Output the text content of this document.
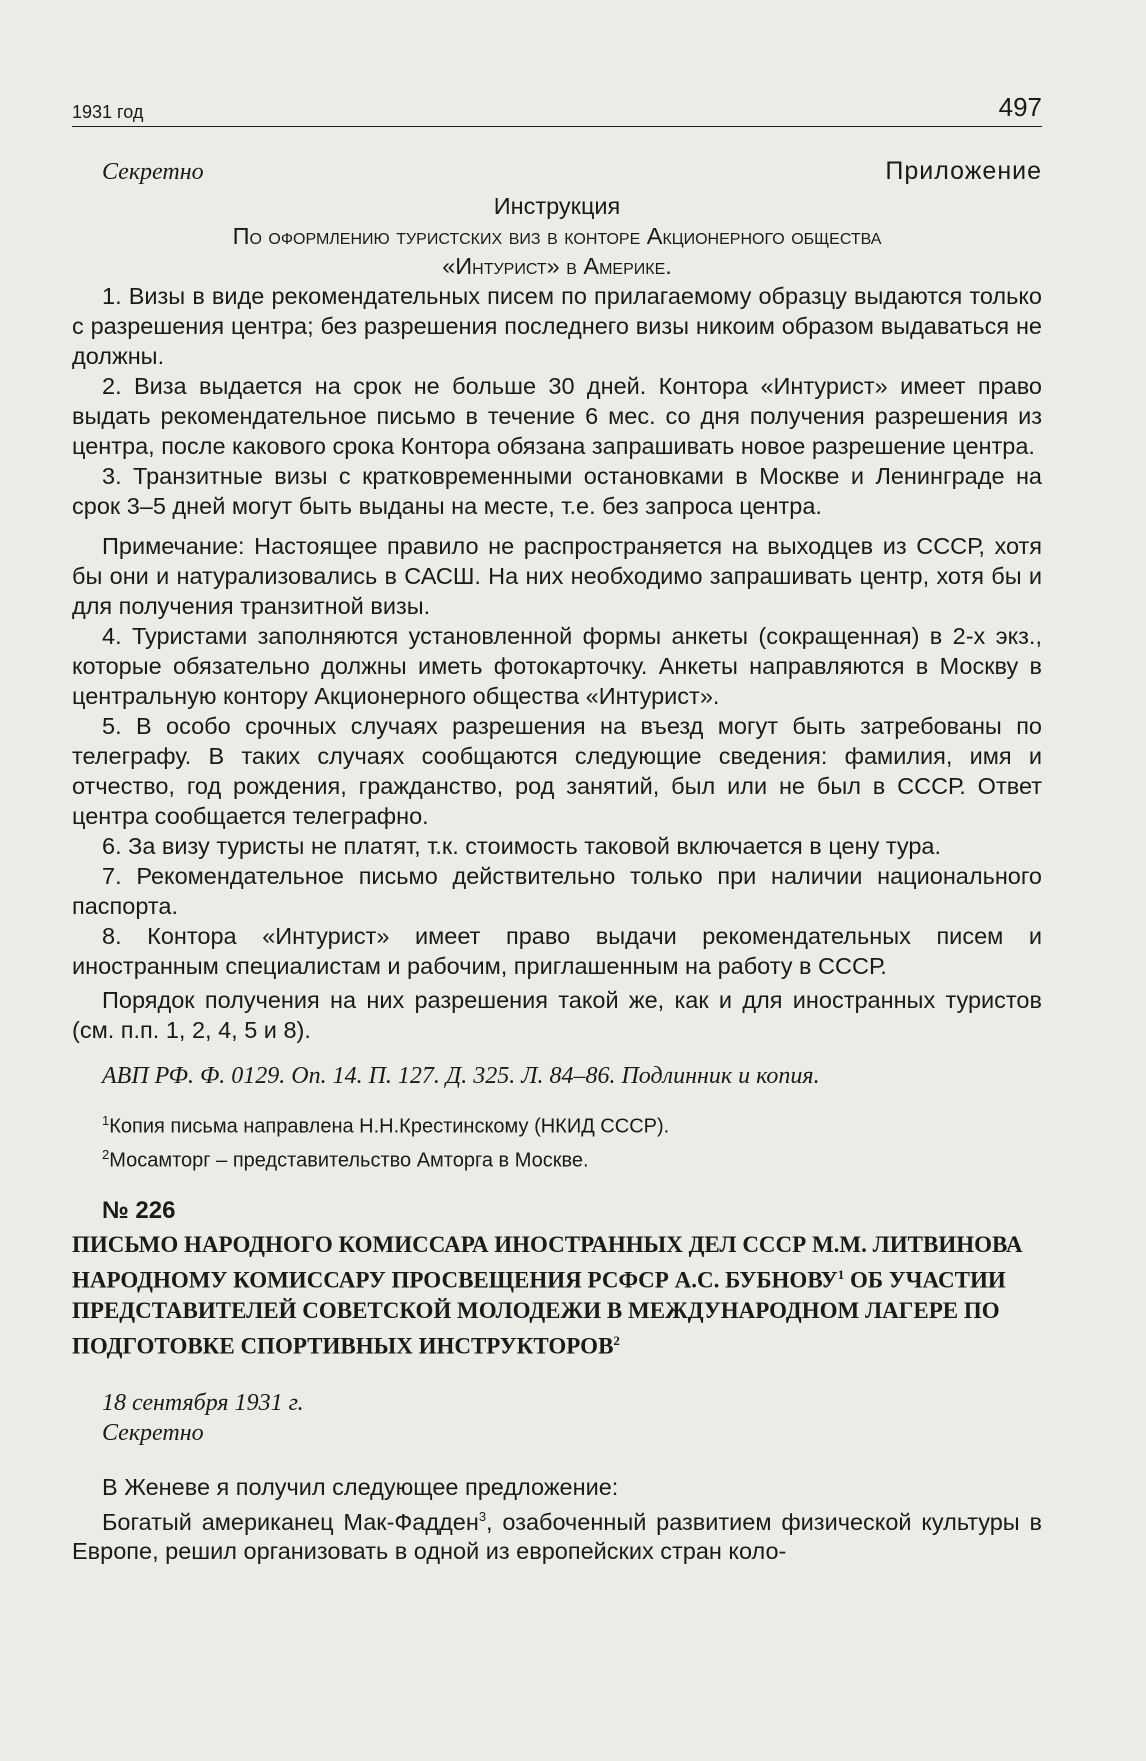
1931 год	497
Секретно	Приложение
Инструкция
По оформлению туристских виз в конторе Акционерного общества
«Интурист» в Америке.

1. Визы в виде рекомендательных писем по прилагаемому образцу выдаются только с разрешения центра; без разрешения последнего визы никоим образом выдаваться не должны.

2. Виза выдается на срок не больше 30 дней. Контора «Интурист» имеет право выдать рекомендательное письмо в течение 6 мес. со дня получения разрешения из центра, после какового срока Контора обязана запрашивать новое разрешение центра.

3. Транзитные визы с кратковременными остановками в Москве и Ленинграде на срок 3–5 дней могут быть выданы на месте, т.е. без запроса центра.

Примечание: Настоящее правило не распространяется на выходцев из СССР, хотя бы они и натурализовались в САСШ. На них необходимо запрашивать центр, хотя бы и для получения транзитной визы.

4. Туристами заполняются установленной формы анкеты (сокращенная) в 2-х экз., которые обязательно должны иметь фотокарточку. Анкеты направляются в Москву в центральную контору Акционерного общества «Интурист».

5. В особо срочных случаях разрешения на въезд могут быть затребованы по телеграфу. В таких случаях сообщаются следующие сведения: фамилия, имя и отчество, год рождения, гражданство, род занятий, был или не был в СССР. Ответ центра сообщается телеграфно.

6. За визу туристы не платят, т.к. стоимость таковой включается в цену тура.

7. Рекомендательное письмо действительно только при наличии национального паспорта.

8. Контора «Интурист» имеет право выдачи рекомендательных писем и иностранным специалистам и рабочим, приглашенным на работу в СССР.

Порядок получения на них разрешения такой же, как и для иностранных туристов (см. п.п. 1, 2, 4, 5 и 8).

АВП РФ. Ф. 0129. Оп. 14. П. 127. Д. 325. Л. 84–86. Подлинник и копия.
$^1$Копия письма направлена Н.Н.Крестинскому (НКИД СССР).
$^2$Мосамторг – представительство Амторга в Москве.
№ 226
ПИСЬМО НАРОДНОГО КОМИССАРА ИНОСТРАННЫХ ДЕЛ СССР М.М. ЛИТВИНОВА НАРОДНОМУ КОМИССАРУ ПРОСВЕЩЕНИЯ РСФСР А.С. БУБНОВУ$^1$ ОБ УЧАСТИИ ПРЕДСТАВИТЕЛЕЙ СОВЕТСКОЙ МОЛОДЕЖИ В МЕЖДУНАРОДНОМ ЛАГЕРЕ ПО ПОДГОТОВКЕ СПОРТИВНЫХ ИНСТРУКТОРОВ$^2$
18 сентября 1931 г.
Секретно

В Женеве я получил следующее предложение:

Богатый американец Мак-Фадден$^3$, озабоченный развитием физической культуры в Европе, решил организовать в одной из европейских стран коло-
